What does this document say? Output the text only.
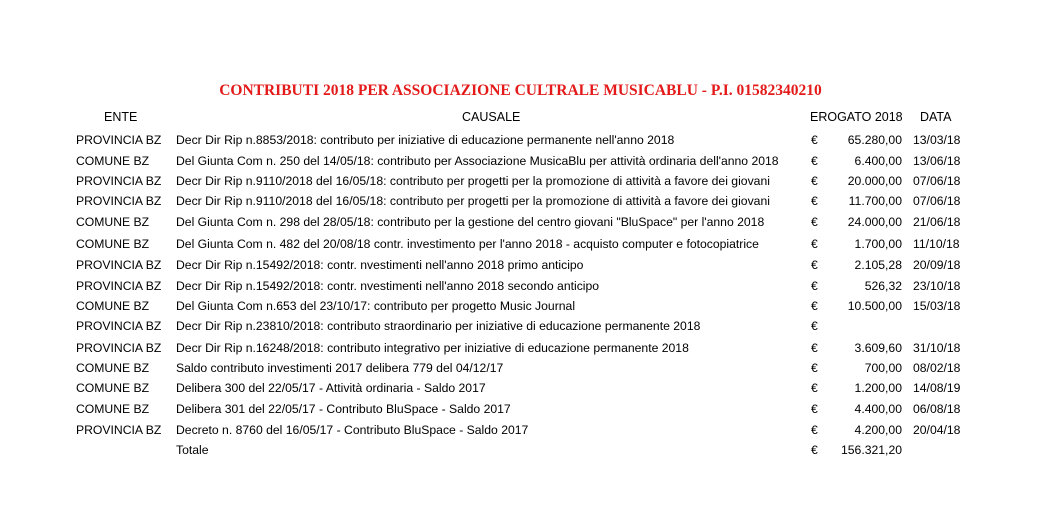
CONTRIBUTI 2018 PER ASSOCIAZIONE CULTRALE MUSICABLU - P.I. 01582340210
ENTE	CAUSALE	EROGATO 2018 DATA
PROVINCIA BZ Decr Dir Rip n.8853/2018: contributo per iniziative di educazione permanente nell'anno 2018	€	65.280,00 13/03/18
COMUNE BZ Del Giunta Com n. 250 del 14/05/18: contributo per Associazione MusicaBlu per attività ordinaria dell'anno 2018	€	6.400,00 13/06/18
PROVINCIA BZ Decr Dir Rip n.9110/2018 del 16/05/18: contributo per progetti per la promozione di attività a favore dei giovani	€	20.000,00 07/06/18
PROVINCIA BZ Decr Dir Rip n.9110/2018 del 16/05/18: contributo per progetti per la promozione di attività a favore dei giovani	€	11.700,00 07/06/18
COMUNE BZ Del Giunta Com n. 298 del 28/05/18: contributo per la gestione del centro giovani "BluSpace" per l'anno 2018	€	24.000,00 21/06/18
COMUNE BZ Del Giunta Com n. 482 del 20/08/18 contr. investimento per l'anno 2018 - acquisto computer e fotocopiatrice	€	1.700,00 11/10/18
PROVINCIA BZ Decr Dir Rip n.15492/2018: contr. nvestimenti nell'anno 2018 primo anticipo	€	2.105,28 20/09/18
PROVINCIA BZ Decr Dir Rip n.15492/2018: contr. nvestimenti nell'anno 2018 secondo anticipo	€	526,32 23/10/18
COMUNE BZ Del Giunta Com n.653 del 23/10/17: contributo per progetto Music Journal	€	10.500,00 15/03/18
PROVINCIA BZ Decr Dir Rip n.23810/2018: contributo straordinario per iniziative di educazione permanente 2018	€
PROVINCIA BZ Decr Dir Rip n.16248/2018: contributo integrativo per iniziative di educazione permanente 2018	€	3.609,60 31/10/18
COMUNE BZ Saldo contributo investimenti 2017 delibera 779 del 04/12/17	€	700,00 08/02/18
COMUNE BZ Delibera 300 del 22/05/17 - Attività ordinaria - Saldo 2017	€	1.200,00 14/08/19
COMUNE BZ Delibera 301 del 22/05/17 - Contributo BluSpace - Saldo 2017	€	4.400,00 06/08/18
PROVINCIA BZ Decreto n. 8760 del 16/05/17 - Contributo BluSpace - Saldo 2017	€	4.200,00 20/04/18
Totale	€	156.321,20
